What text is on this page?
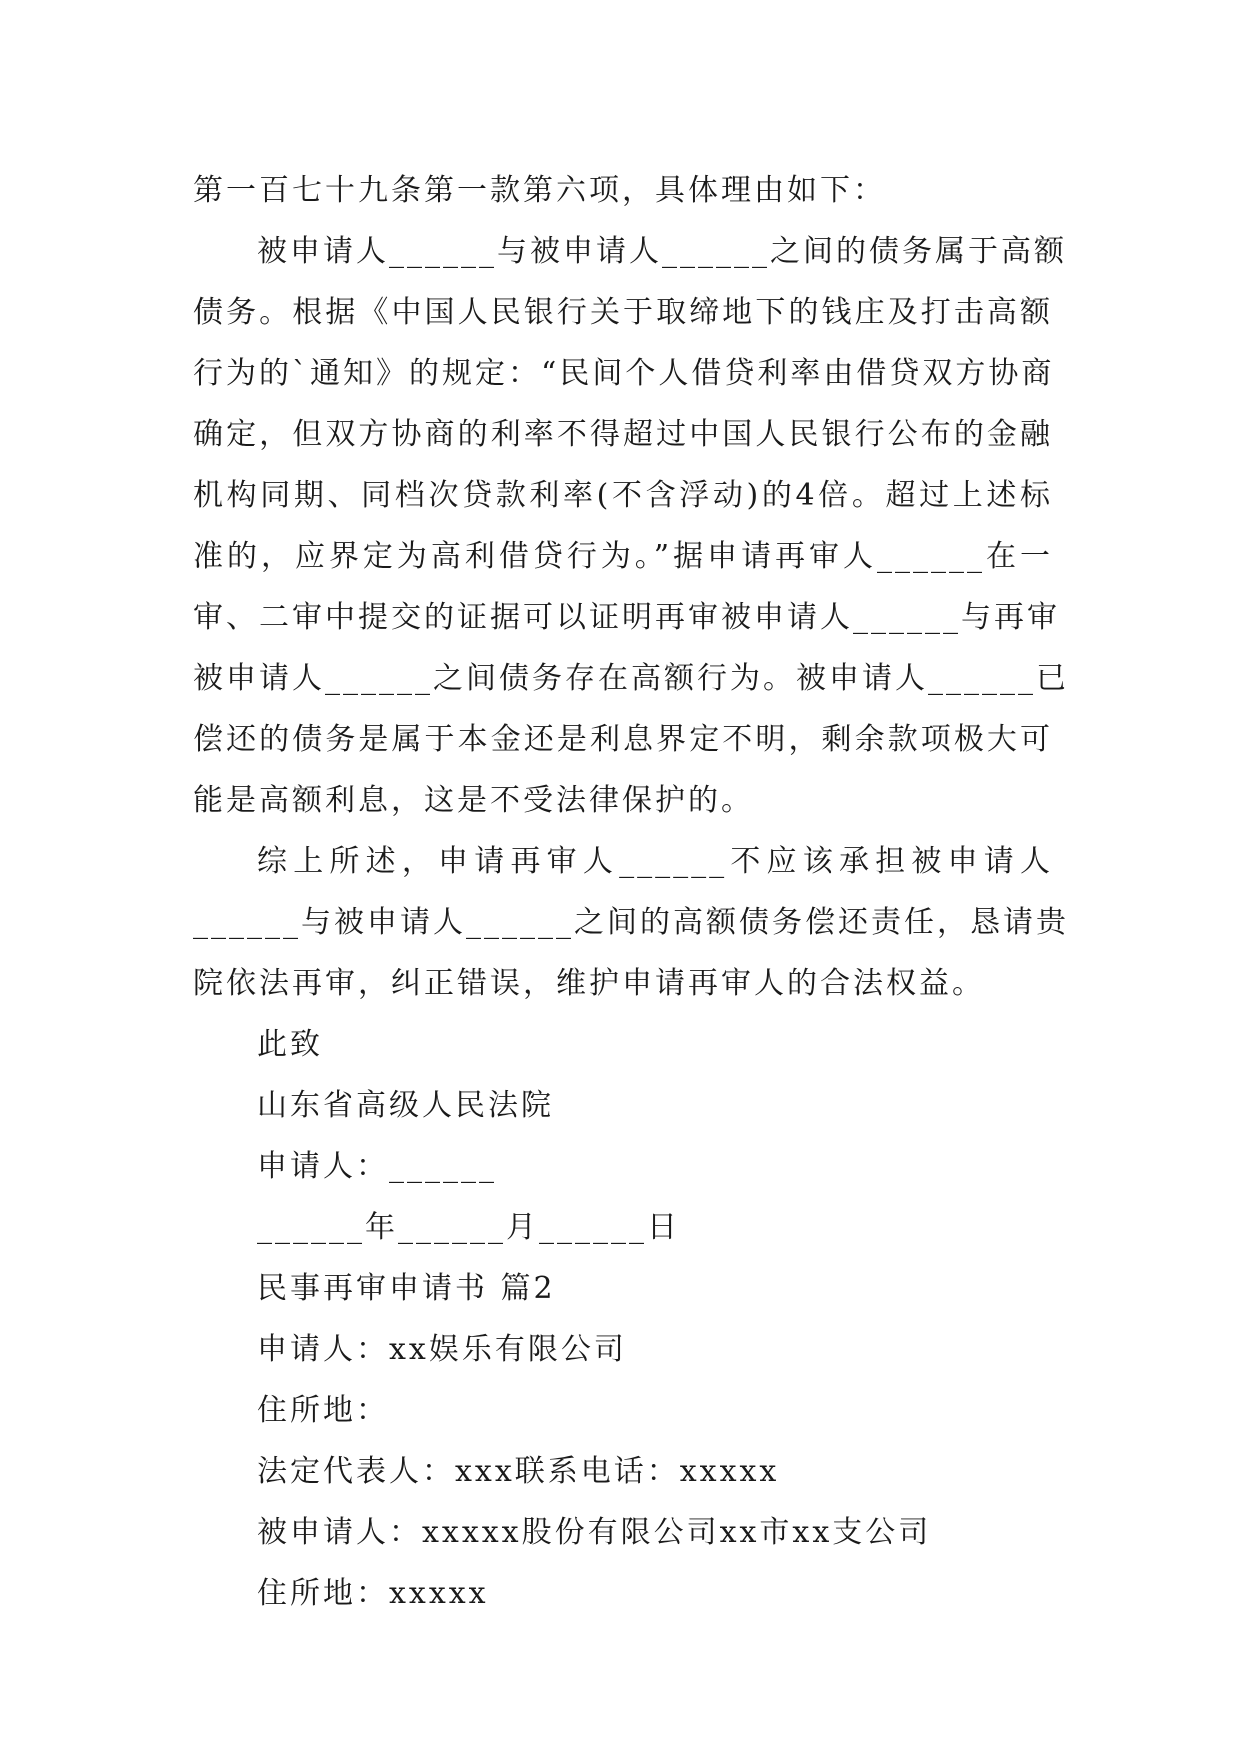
第一百七十九条第一款第六项，具体理由如下：
被申请人______与被申请人______之间的债务属于高额
债务。根据《中国人民银行关于取缔地下的钱庄及打击高额
行为的`通知》的规定：“民间个人借贷利率由借贷双方协商
确定，但双方协商的利率不得超过中国人民银行公布的金融
机构同期、同档次贷款利率(不含浮动)的4倍。超过上述标
准的，应界定为高利借贷行为。”据申请再审人______在一
审、二审中提交的证据可以证明再审被申请人______与再审
被申请人______之间债务存在高额行为。被申请人______已
偿还的债务是属于本金还是利息界定不明，剩余款项极大可
能是高额利息，这是不受法律保护的。
综上所述，申请再审人______不应该承担被申请人
______与被申请人______之间的高额债务偿还责任，恳请贵
院依法再审，纠正错误，维护申请再审人的合法权益。
此致
山东省高级人民法院
申请人：______
______年______月______日
民事再审申请书 篇2
申请人：xx娱乐有限公司
住所地：
法定代表人：xxx联系电话：xxxxx
被申请人：xxxxx股份有限公司xx市xx支公司
住所地：xxxxx
